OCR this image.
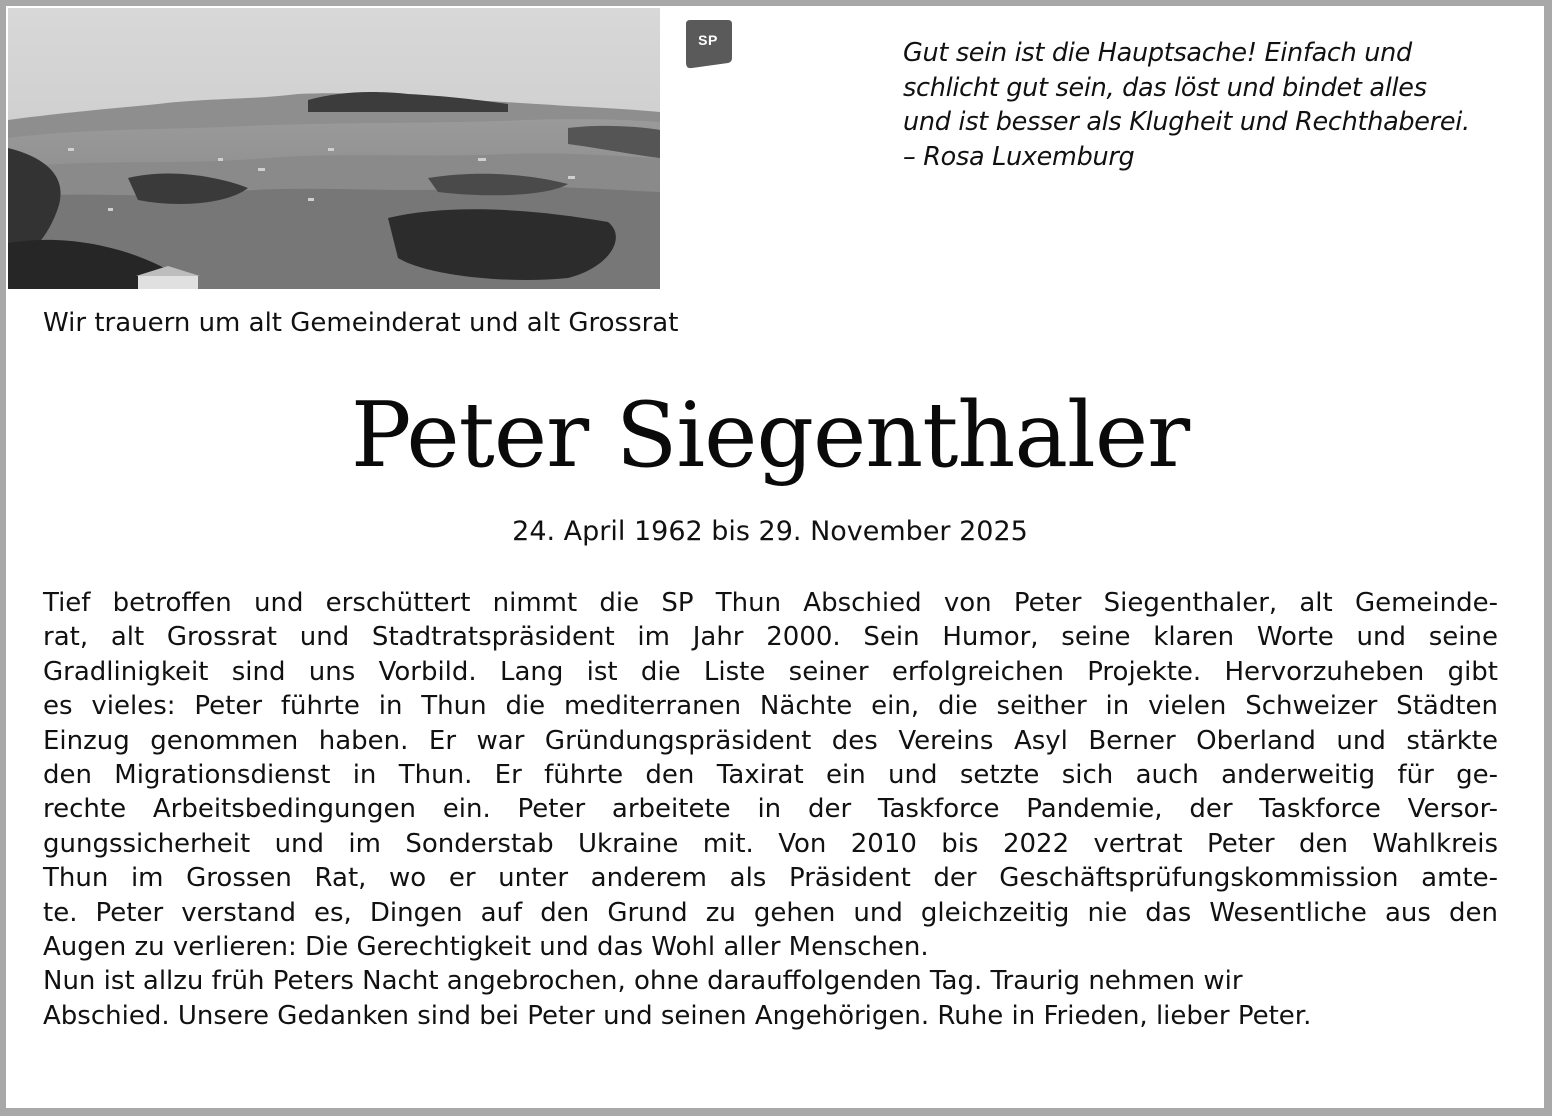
SP	Gut sein ist die Hauptsache! Einfach und
schlicht gut sein, das löst und bindet alles
und ist besser als Klugheit und Rechthaberei.
– Rosa Luxemburg
Wir trauern um alt Gemeinderat und alt Grossrat
Peter Siegenthaler
24. April 1962 bis 29. November 2025
Tief betroffen und erschüttert nimmt die SP Thun Abschied von Peter Siegenthaler, alt Gemeinde-
rat, alt Grossrat und Stadtratspräsident im Jahr 2000. Sein Humor, seine klaren Worte und seine
Gradlinigkeit sind uns Vorbild. Lang ist die Liste seiner erfolgreichen Projekte. Hervorzuheben gibt
es vieles: Peter führte in Thun die mediterranen Nächte ein, die seither in vielen Schweizer Städten
Einzug genommen haben. Er war Gründungspräsident des Vereins Asyl Berner Oberland und stärkte
den Migrationsdienst in Thun. Er führte den Taxirat ein und setzte sich auch anderweitig für ge-
rechte Arbeitsbedingungen ein. Peter arbeitete in der Taskforce Pandemie, der Taskforce Versor-
gungssicherheit und im Sonderstab Ukraine mit. Von 2010 bis 2022 vertrat Peter den Wahlkreis
Thun im Grossen Rat, wo er unter anderem als Präsident der Geschäftsprüfungskommission amte-
te. Peter verstand es, Dingen auf den Grund zu gehen und gleichzeitig nie das Wesentliche aus den
Augen zu verlieren: Die Gerechtigkeit und das Wohl aller Menschen.
Nun ist allzu früh Peters Nacht angebrochen, ohne darauffolgenden Tag. Traurig nehmen wir
Abschied. Unsere Gedanken sind bei Peter und seinen Angehörigen. Ruhe in Frieden, lieber Peter.
